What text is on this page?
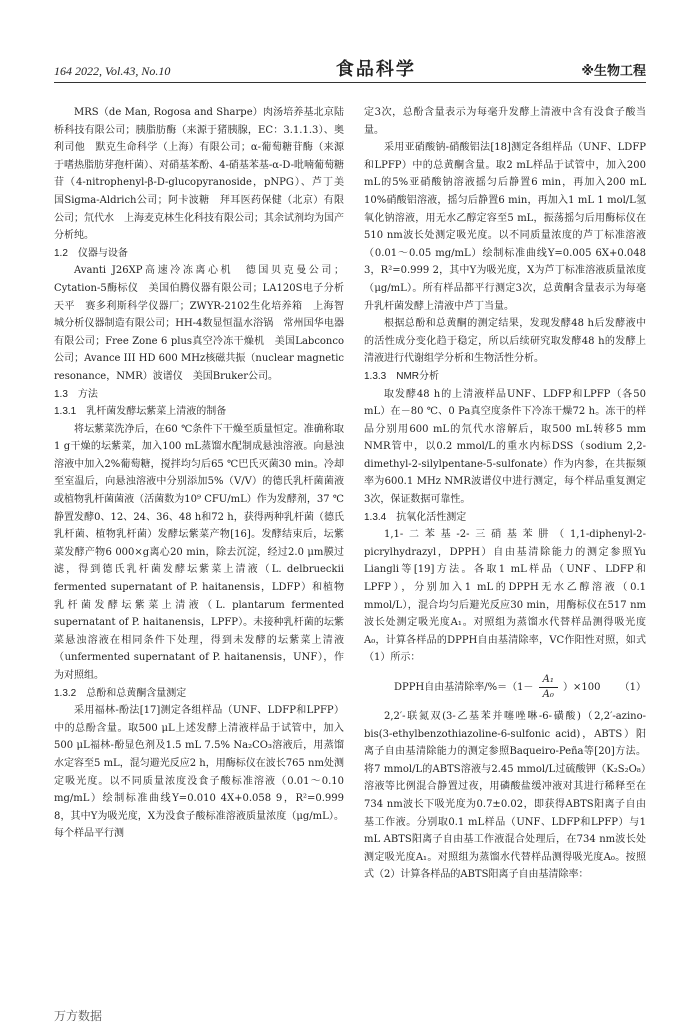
164 2022, Vol.43, No.10	食品科学	※生物工程

MRS（de Man, Rogosa and Sharpe）肉汤培养基北京陆桥科技有限公司；胰脂肪酶（来源于猪胰腺，EC：3.1.1.3）、奥利司他　默克生命科学（上海）有限公司；α-葡萄糖苷酶（来源于嗜热脂肪芽孢杆菌）、对硝基苯酚、4-硝基苯基-α-D-吡喃葡萄糖苷（4-nitrophenyl-β-D-glucopyranoside，pNPG）、芦丁美国Sigma-Aldrich公司；阿卡波糖　拜耳医药保健（北京）有限公司；氘代水　上海麦克林生化科技有限公司；其余试剂均为国产分析纯。

1.2　仪器与设备

Avanti J26XP高速冷冻离心机　德国贝克曼公司；Cytation-5酶标仪　美国伯腾仪器有限公司；LA120S电子分析天平　赛多利斯科学仪器厂；ZWYR-2102生化培养箱　上海智城分析仪器制造有限公司；HH-4数显恒温水浴锅　常州国华电器有限公司；Free Zone 6 plus真空冷冻干燥机　美国Labconco公司；Avance III HD 600 MHz核磁共振（nuclear magnetic resonance，NMR）波谱仪　美国Bruker公司。

1.3　方法
1.3.1　乳杆菌发酵坛紫菜上清液的制备

将坛紫菜洗净后，在60 ℃条件下干燥至质量恒定。准确称取1 g干燥的坛紫菜，加入100 mL蒸馏水配制成悬浊溶液。向悬浊溶液中加入2%葡萄糖，搅拌均匀后65 ℃巴氏灭菌30 min。冷却至室温后，向悬浊溶液中分别添加5%（V/V）的德氏乳杆菌菌液或植物乳杆菌菌液（活菌数为10⁹ CFU/mL）作为发酵剂，37 ℃静置发酵0、12、24、36、48 h和72 h，获得两种乳杆菌（德氏乳杆菌、植物乳杆菌）发酵坛紫菜产物[16]。发酵结束后，坛紫菜发酵产物6 000×g离心20 min，除去沉淀，经过2.0 μm膜过滤，得到德氏乳杆菌发酵坛紫菜上清液（L. delbrueckii fermented supernatant of P. haitanensis，LDFP）和植物乳杆菌发酵坛紫菜上清液（L. plantarum fermented supernatant of P. haitanensis，LPFP）。未接种乳杆菌的坛紫菜悬浊溶液在相同条件下处理，得到未发酵的坛紫菜上清液（unfermented supernatant of P. haitanensis，UNF），作为对照组。

1.3.2　总酚和总黄酮含量测定

采用福林-酚法[17]测定各组样品（UNF、LDFP和LPFP）中的总酚含量。取500 μL上述发酵上清液样品于试管中，加入500 μL福林-酚显色剂及1.5 mL 7.5% Na₂CO₃溶液后，用蒸馏水定容至5 mL，混匀避光反应2 h，用酶标仪在波长765 nm处测定吸光度。以不同质量浓度没食子酸标准溶液（0.01～0.10 mg/mL）绘制标准曲线Y=0.010 4X+0.058 9，R²=0.999 8，其中Y为吸光度，X为没食子酸标准溶液质量浓度（μg/mL）。每个样品平行测

定3次，总酚含量表示为每毫升发酵上清液中含有没食子酸当量。

采用亚硝酸钠-硝酸铝法[18]测定各组样品（UNF、LDFP和LPFP）中的总黄酮含量。取2 mL样品于试管中，加入200 mL的5%亚硝酸钠溶液摇匀后静置6 min，再加入200 mL 10%硝酸铝溶液，摇匀后静置6 min，再加入1 mL 1 mol/L氢氧化钠溶液，用无水乙醇定容至5 mL，振荡摇匀后用酶标仪在510 nm波长处测定吸光度。以不同质量浓度的芦丁标准溶液（0.01～0.05 mg/mL）绘制标准曲线Y=0.005 6X+0.048 3，R²=0.999 2，其中Y为吸光度，X为芦丁标准溶液质量浓度（μg/mL）。所有样品都平行测定3次，总黄酮含量表示为每毫升乳杆菌发酵上清液中芦丁当量。

根据总酚和总黄酮的测定结果，发现发酵48 h后发酵液中的活性成分变化趋于稳定，所以后续研究取发酵48 h的发酵上清液进行代谢组学分析和生物活性分析。

1.3.3　NMR分析

取发酵48 h的上清液样品UNF、LDFP和LPFP（各50 mL）在－80 ℃、0 Pa真空度条件下冷冻干燥72 h。冻干的样品分别用600 mL的氘代水溶解后，取500 mL转移5 mm NMR管中，以0.2 mmol/L的重水内标DSS（sodium 2,2-dimethyl-2-silylpentane-5-sulfonate）作为内参，在共振频率为600.1 MHz NMR波谱仪中进行测定，每个样品重复测定3次，保证数据可靠性。

1.3.4　抗氧化活性测定

1,1-二苯基-2-三硝基苯肼（1,1-diphenyl-2-picrylhydrazyl，DPPH）自由基清除能力的测定参照Yu Liangli等[19]方法。各取1 mL样品（UNF、LDFP和LPFP），分别加入1 mL的DPPH无水乙醇溶液（0.1 mmol/L），混合均匀后避光反应30 min，用酶标仪在517 nm波长处测定吸光度A₁。对照组为蒸馏水代替样品测得吸光度A₀，计算各样品的DPPH自由基清除率，VC作阳性对照，如式（1）所示：

DPPH自由基清除率$/\%=(1- \frac{\text{A₁}}{\text{A₀}} )\times 100$ （1）

2,2′-联氮双(3-乙基苯并噻唑啉-6-磺酸)（2,2′-azino-bis(3-ethylbenzothiazoline-6-sulfonic acid)，ABTS）阳离子自由基清除能力的测定参照Baqueiro-Peña等[20]方法。将7 mmol/L的ABTS溶液与2.45 mmol/L过硫酸钾（K₂S₂O₈）溶液等比例混合静置过夜，用磷酸盐缓冲液对其进行稀释至在734 nm波长下吸光度为0.7±0.02，即获得ABTS阳离子自由基工作液。分别取0.1 mL样品（UNF、LDFP和LPFP）与1 mL ABTS阳离子自由基工作液混合处理后，在734 nm波长处测定吸光度A₁。对照组为蒸馏水代替样品测得吸光度A₀。按照式（2）计算各样品的ABTS阳离子自由基清除率：

万方数据
